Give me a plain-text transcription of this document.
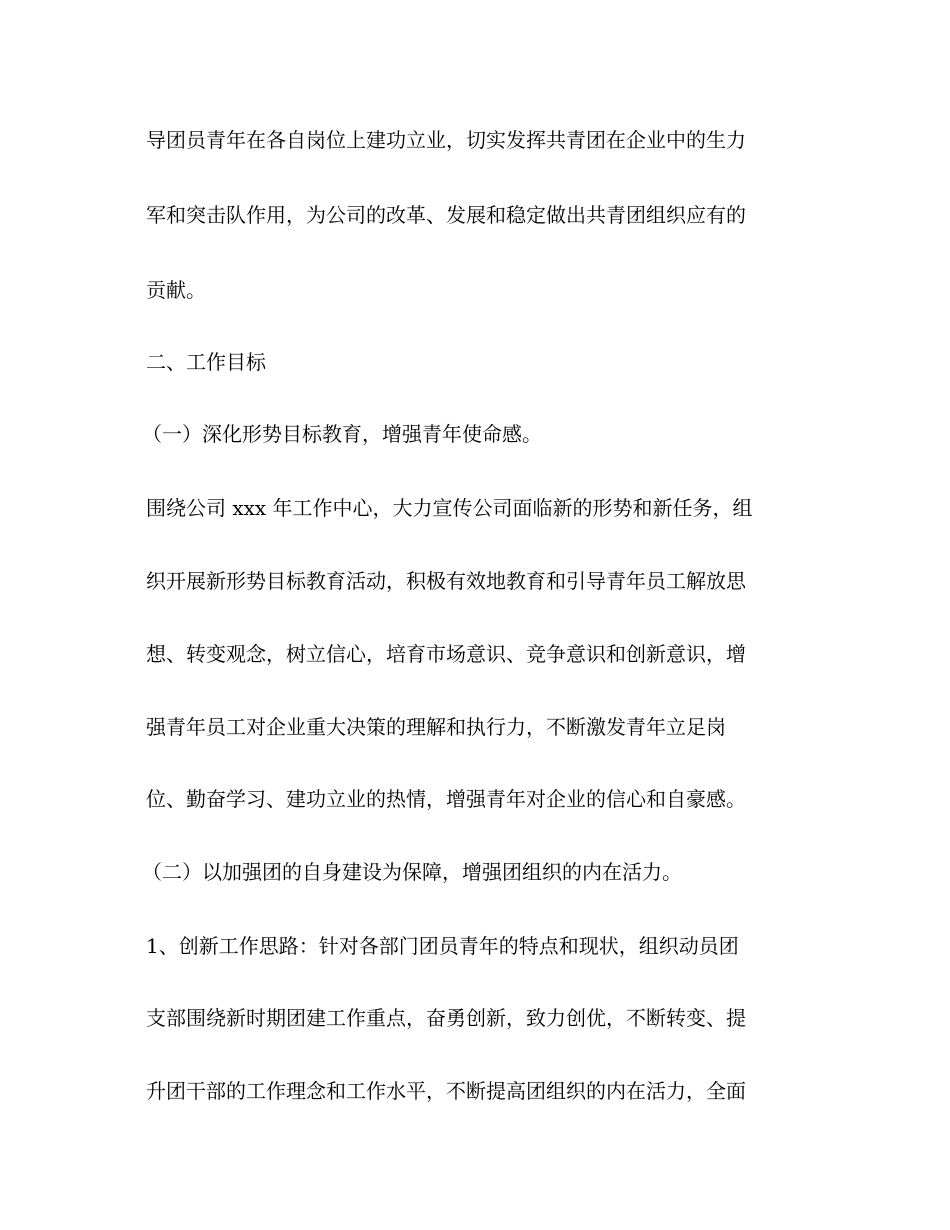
导团员青年在各自岗位上建功立业，切实发挥共青团在企业中的生力

军和突击队作用，为公司的改革、发展和稳定做出共青团组织应有的

贡献。

二、工作目标

（一）深化形势目标教育，增强青年使命感。

围绕公司 xxx 年工作中心，大力宣传公司面临新的形势和新任务，组

织开展新形势目标教育活动，积极有效地教育和引导青年员工解放思

想、转变观念，树立信心，培育市场意识、竞争意识和创新意识，增

强青年员工对企业重大决策的理解和执行力，不断激发青年立足岗

位、勤奋学习、建功立业的热情，增强青年对企业的信心和自豪感。

（二）以加强团的自身建设为保障，增强团组织的内在活力。

1、创新工作思路：针对各部门团员青年的特点和现状，组织动员团

支部围绕新时期团建工作重点，奋勇创新，致力创优，不断转变、提

升团干部的工作理念和工作水平，不断提高团组织的内在活力，全面
